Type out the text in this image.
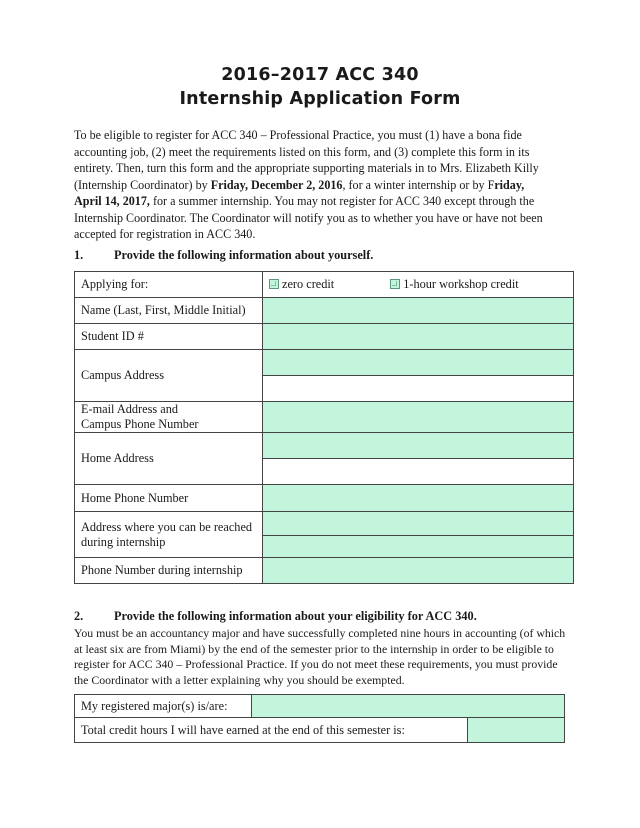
2016–2017 ACC 340
Internship Application Form
To be eligible to register for ACC 340 – Professional Practice, you must (1) have a bona fide
accounting job, (2) meet the requirements listed on this form, and (3) complete this form in its
entirety. Then, turn this form and the appropriate supporting materials in to Mrs. Elizabeth Killy
(Internship Coordinator) by Friday, December 2, 2016, for a winter internship or by Friday,
April 14, 2017, for a summer internship. You may not register for ACC 340 except through the
Internship Coordinator. The Coordinator will notify you as to whether you have or have not been
accepted for registration in ACC 340.
1.	Provide the following information about yourself.
Applying for:	zero credit 1-hour workshop credit
Name (Last, First, Middle Initial)	
Student ID #	
Campus Address	

E-mail Address and
Campus Phone Number	
Home Address	

Home Phone Number	
Address where you can be reached
during internship	

Phone Number during internship	
2.	Provide the following information about your eligibility for ACC 340.
You must be an accountancy major and have successfully completed nine hours in accounting (of which
at least six are from Miami) by the end of the semester prior to the internship in order to be eligible to
register for ACC 340 – Professional Practice. If you do not meet these requirements, you must provide
the Coordinator with a letter explaining why you should be exempted.
My registered major(s) is/are:		
Total credit hours I will have earned at the end of this semester is:		
